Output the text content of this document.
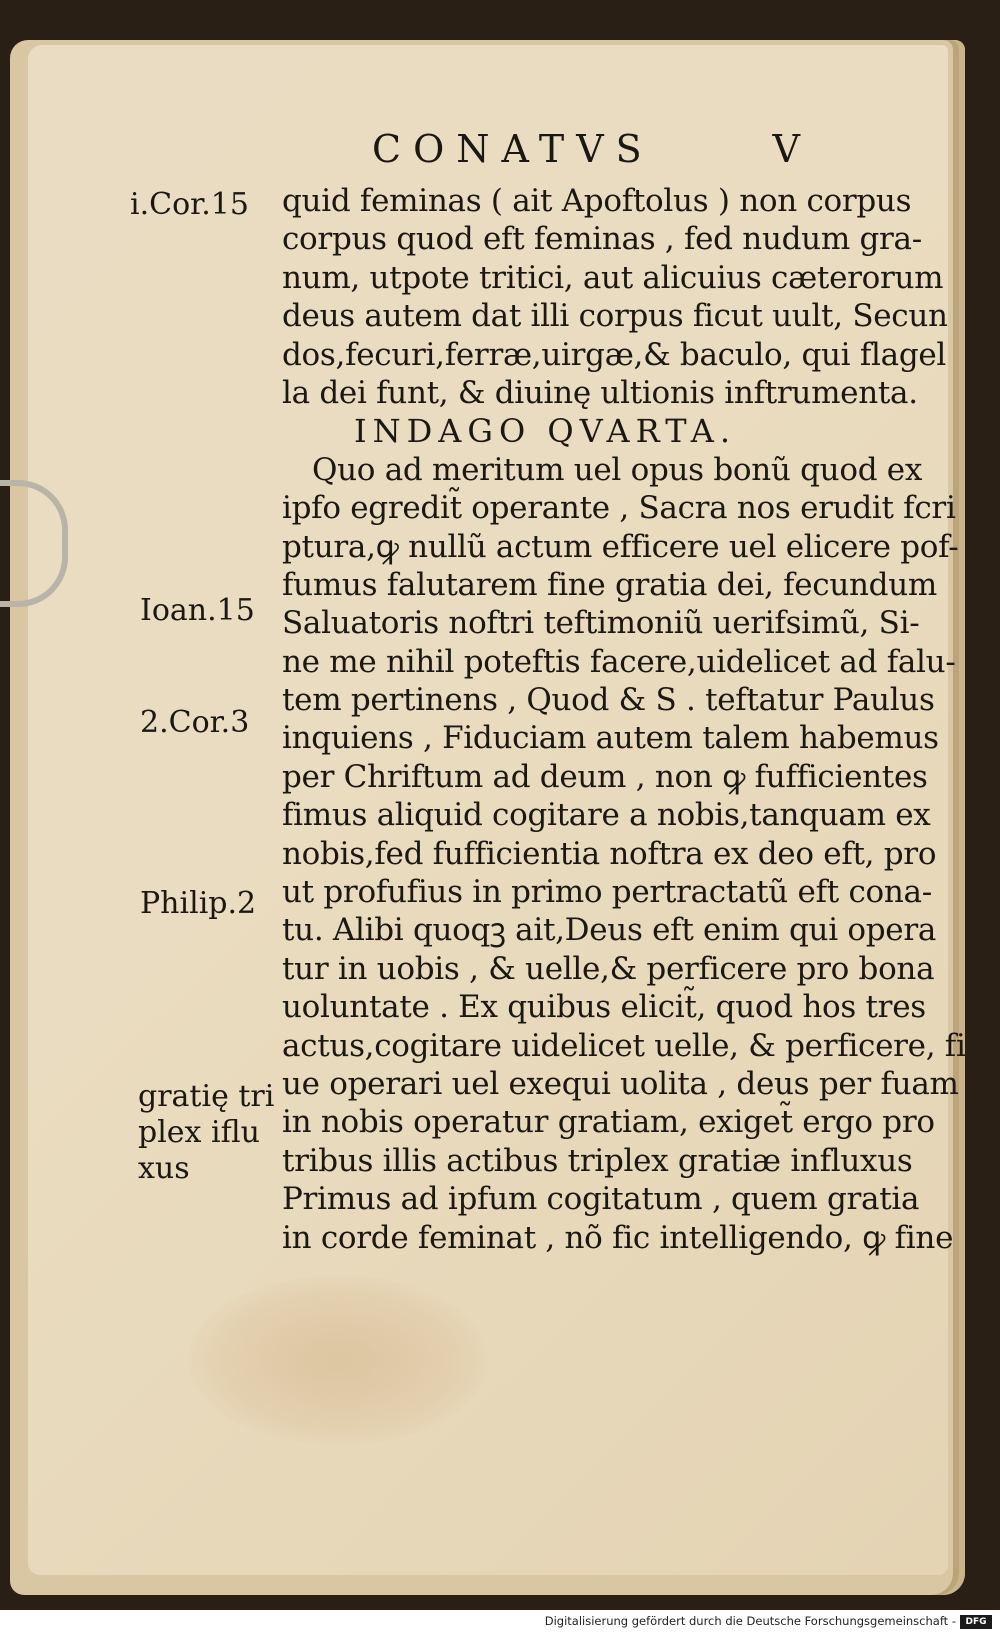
CONATVS	V
i.Cor.15
Ioan.15
2.Cor.3
Philip.2
gratię tri
plex iflu
xus
quid feminas ( ait Apoftolus ) non corpus
corpus quod eft feminas , fed nudum gra-
num, utpote tritici, aut alicuius cæterorum
deus autem dat illi corpus ficut uult, Secun
dos,fecuri,ferræ,uirgæ,& baculo, qui flagel
la dei funt, & diuinę ultionis inftrumenta.
INDAGO QVARTA.
Quo ad meritum uel opus bonũ quod ex
ipfo egredit̃ operante , Sacra nos erudit fcri
ptura,ꝙ nullũ actum efficere uel elicere pof-
fumus falutarem fine gratia dei, fecundum
Saluatoris noftri teftimoniũ uerifsimũ, Si-
ne me nihil poteftis facere,uidelicet ad falu-
tem pertinens , Quod & S . teftatur Paulus
inquiens , Fiduciam autem talem habemus
per Chriftum ad deum , non ꝙ fufficientes
fimus aliquid cogitare a nobis,tanquam ex
nobis,fed fufficientia noftra ex deo eft, pro
ut profufius in primo pertractatũ eft cona-
tu. Alibi quoqꝫ ait,Deus eft enim qui opera
tur in uobis , & uelle,& perficere pro bona
uoluntate . Ex quibus elicit̃, quod hos tres
actus,cogitare uidelicet uelle, & perficere, fi
ue operari uel exequi uolita , deus per fuam
in nobis operatur gratiam, exiget̃ ergo pro
tribus illis actibus triplex gratiæ influxus
Primus ad ipfum cogitatum , quem gratia
in corde feminat , nõ fic intelligendo, ꝙ fine
Digitalisierung gefördert durch die Deutsche Forschungsgemeinschaft -	DFG
